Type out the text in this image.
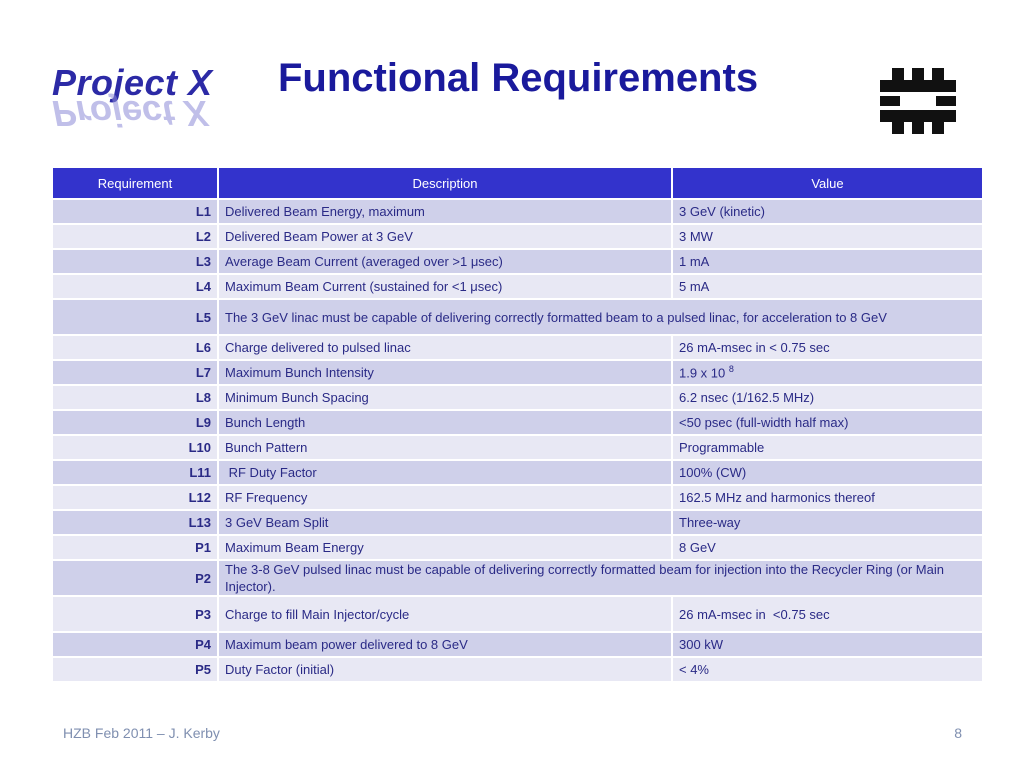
Project X
Project X
Functional Requirements
Requirement	Description	Value
L1	Delivered Beam Energy, maximum	3 GeV (kinetic)
L2	Delivered Beam Power at 3 GeV	3 MW
L3	Average Beam Current (averaged over >1 μsec)	1 mA
L4	Maximum Beam Current (sustained for <1 μsec)	5 mA
L5	The 3 GeV linac must be capable of delivering correctly formatted beam to a pulsed linac, for acceleration to 8 GeV	
L6	Charge delivered to pulsed linac	26 mA-msec in < 0.75 sec
L7	Maximum Bunch Intensity	1.9 x 10 $^8$
L8	Minimum Bunch Spacing	6.2 nsec (1/162.5 MHz)
L9	Bunch Length	<50 psec (full-width half max)
L10	Bunch Pattern	Programmable
L11	RF Duty Factor	100% (CW)
L12	RF Frequency	162.5 MHz and harmonics thereof
L13	3 GeV Beam Split	Three-way
P1	Maximum Beam Energy	8 GeV
P2	The 3-8 GeV pulsed linac must be capable of delivering correctly formatted beam for injection into the Recycler Ring (or Main Injector).	
P3	Charge to fill Main Injector/cycle	26 mA-msec in  <0.75 sec
P4	Maximum beam power delivered to 8 GeV	300 kW
P5	Duty Factor (initial)	< 4%
HZB Feb 2011 – J. Kerby	8
